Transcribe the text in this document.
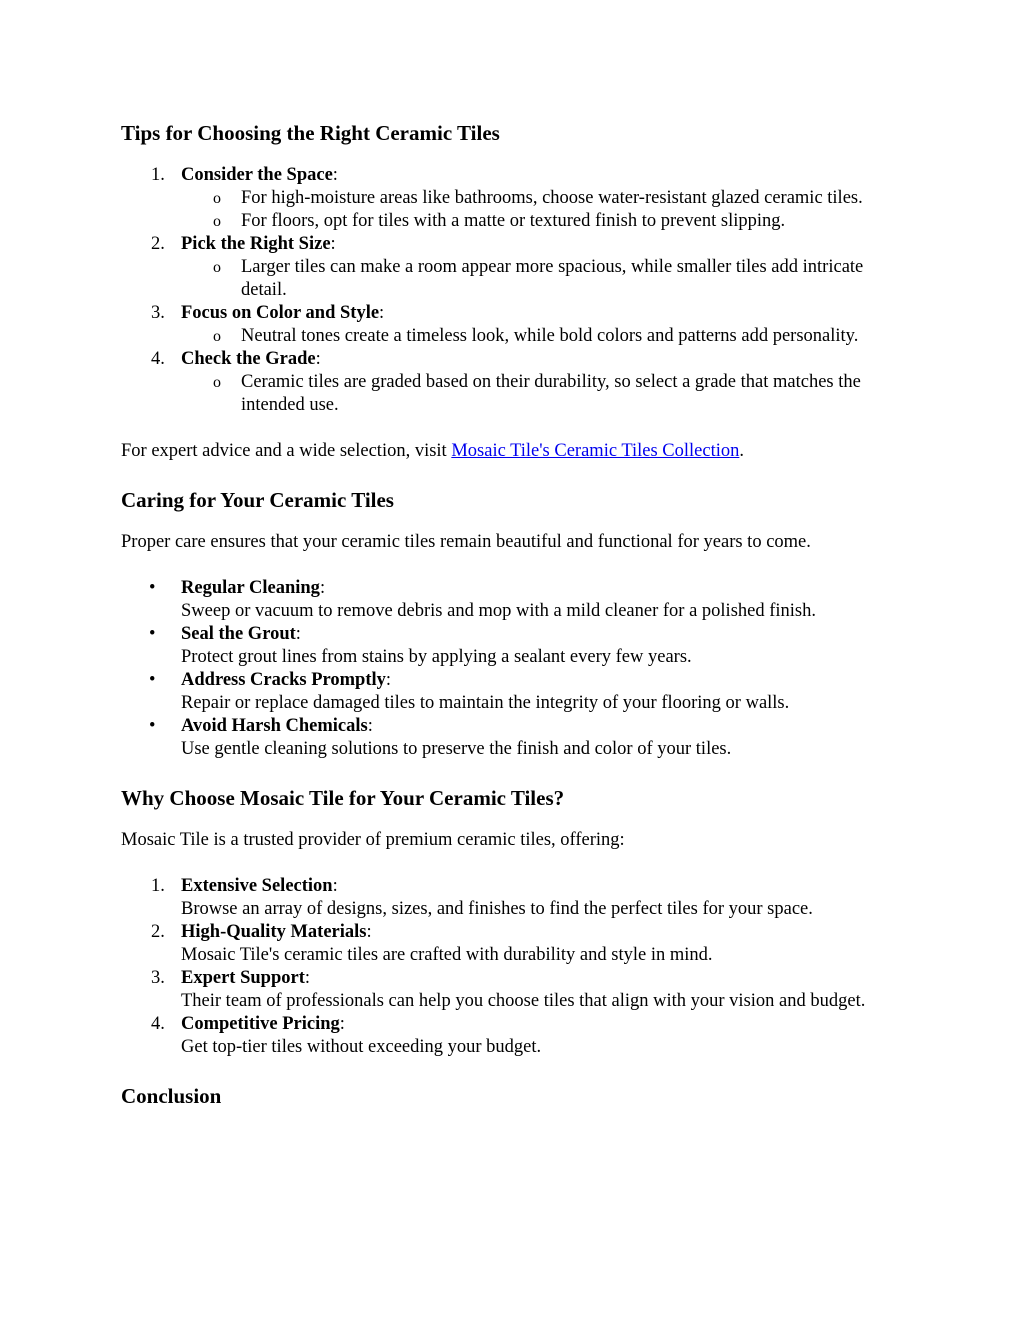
Tips for Choosing the Right Ceramic Tiles
1. Consider the Space:
o For high-moisture areas like bathrooms, choose water-resistant glazed ceramic tiles.
o For floors, opt for tiles with a matte or textured finish to prevent slipping.
2. Pick the Right Size:
o Larger tiles can make a room appear more spacious, while smaller tiles add intricate detail.
3. Focus on Color and Style:
o Neutral tones create a timeless look, while bold colors and patterns add personality.
4. Check the Grade:
o Ceramic tiles are graded based on their durability, so select a grade that matches the intended use.

For expert advice and a wide selection, visit Mosaic Tile's Ceramic Tiles Collection.

Caring for Your Ceramic Tiles

Proper care ensures that your ceramic tiles remain beautiful and functional for years to come.

• Regular Cleaning:
Sweep or vacuum to remove debris and mop with a mild cleaner for a polished finish.
• Seal the Grout:
Protect grout lines from stains by applying a sealant every few years.
• Address Cracks Promptly:
Repair or replace damaged tiles to maintain the integrity of your flooring or walls.
• Avoid Harsh Chemicals:
Use gentle cleaning solutions to preserve the finish and color of your tiles.
Why Choose Mosaic Tile for Your Ceramic Tiles?

Mosaic Tile is a trusted provider of premium ceramic tiles, offering:

1. Extensive Selection:
Browse an array of designs, sizes, and finishes to find the perfect tiles for your space.
2. High-Quality Materials:
Mosaic Tile's ceramic tiles are crafted with durability and style in mind.
3. Expert Support:
Their team of professionals can help you choose tiles that align with your vision and budget.
4. Competitive Pricing:
Get top-tier tiles without exceeding your budget.
Conclusion
